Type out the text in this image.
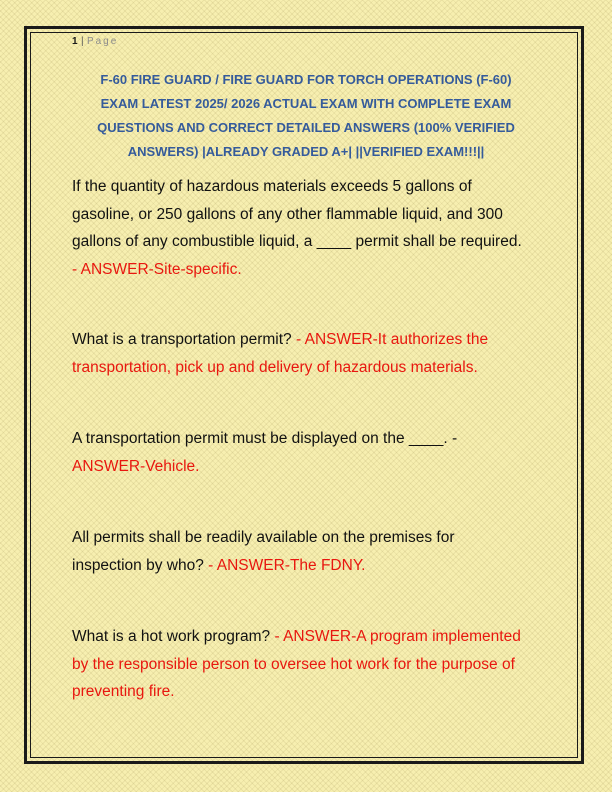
1 | Page
F-60 FIRE GUARD / FIRE GUARD FOR TORCH OPERATIONS (F-60)
EXAM LATEST 2025/ 2026 ACTUAL EXAM WITH COMPLETE EXAM
QUESTIONS AND CORRECT DETAILED ANSWERS (100% VERIFIED
ANSWERS) |ALREADY GRADED A+| ||VERIFIED EXAM!!!||
If the quantity of hazardous materials exceeds 5 gallons of
gasoline, or 250 gallons of any other flammable liquid, and 300
gallons of any combustible liquid, a ____ permit shall be required.
- ANSWER-Site-specific.
What is a transportation permit? - ANSWER-It authorizes the
transportation, pick up and delivery of hazardous materials.
A transportation permit must be displayed on the ____. -
ANSWER-Vehicle.
All permits shall be readily available on the premises for
inspection by who? - ANSWER-The FDNY.
What is a hot work program? - ANSWER-A program implemented
by the responsible person to oversee hot work for the purpose of
preventing fire.
